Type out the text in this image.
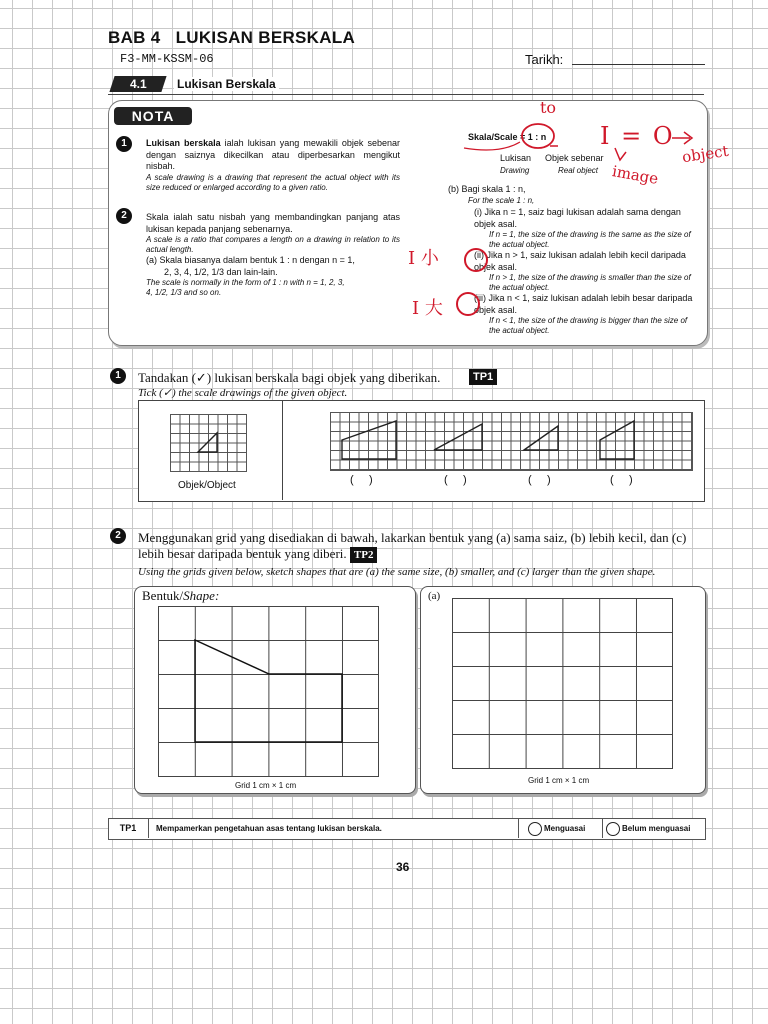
BAB 4   LUKISAN BERSKALA
F3-MM-KSSM-06	Tarikh:
4.1	Lukisan Berskala
NOTA
1	Lukisan berskala ialah lukisan yang mewakili objek sebenar dengan saiznya dikecilkan atau diperbesarkan mengikut nisbah.
A scale drawing is a drawing that represent the actual object with its size reduced or enlarged according to a given ratio.
2	Skala ialah satu nisbah yang membandingkan panjang atas lukisan kepada panjang sebenarnya.
A scale is a ratio that compares a length on a drawing in relation to its actual length.
(a) Skala biasanya dalam bentuk 1 : n dengan n = 1,
2, 3, 4, 1/2, 1/3 dan lain-lain.
The scale is normally in the form of 1 : n with n = 1, 2, 3,
4, 1/2, 1/3 and so on.
Skala/Scale = 1 : n
Lukisan Objek sebenar
Drawing	Real object
(b) Bagi skala 1 : n,
For the scale 1 : n,
(i) Jika n = 1, saiz bagi lukisan adalah sama dengan objek asal.
If n = 1, the size of the drawing is the same as the size of the actual object.
(ii) Jika n > 1, saiz lukisan adalah lebih kecil daripada objek asal.
If n > 1, the size of the drawing is smaller than the size of the actual object.
(iii) Jika n < 1, saiz lukisan adalah lebih besar daripada objek asal.
If n < 1, the size of the drawing is bigger than the size of the actual object.
to
I = O
object
image
I 小
I 大
1	Tandakan (✓) lukisan berskala bagi objek yang diberikan.	TP1
Tick (✓) the scale drawings of the given object.
Objek/Object	(     )	(     )	(     )	(     )
2	Menggunakan grid yang disediakan di bawah, lakarkan bentuk yang (a) sama saiz, (b) lebih kecil, dan (c) lebih besar daripada bentuk yang diberi. TP2
Using the grids given below, sketch shapes that are (a) the same size, (b) smaller, and (c) larger than the given shape.
Bentuk/Shape:
Grid 1 cm × 1 cm
(a)
Grid 1 cm × 1 cm
TP1	Mempamerkan pengetahuan asas tentang lukisan berskala.	Menguasai	Belum menguasai
36
